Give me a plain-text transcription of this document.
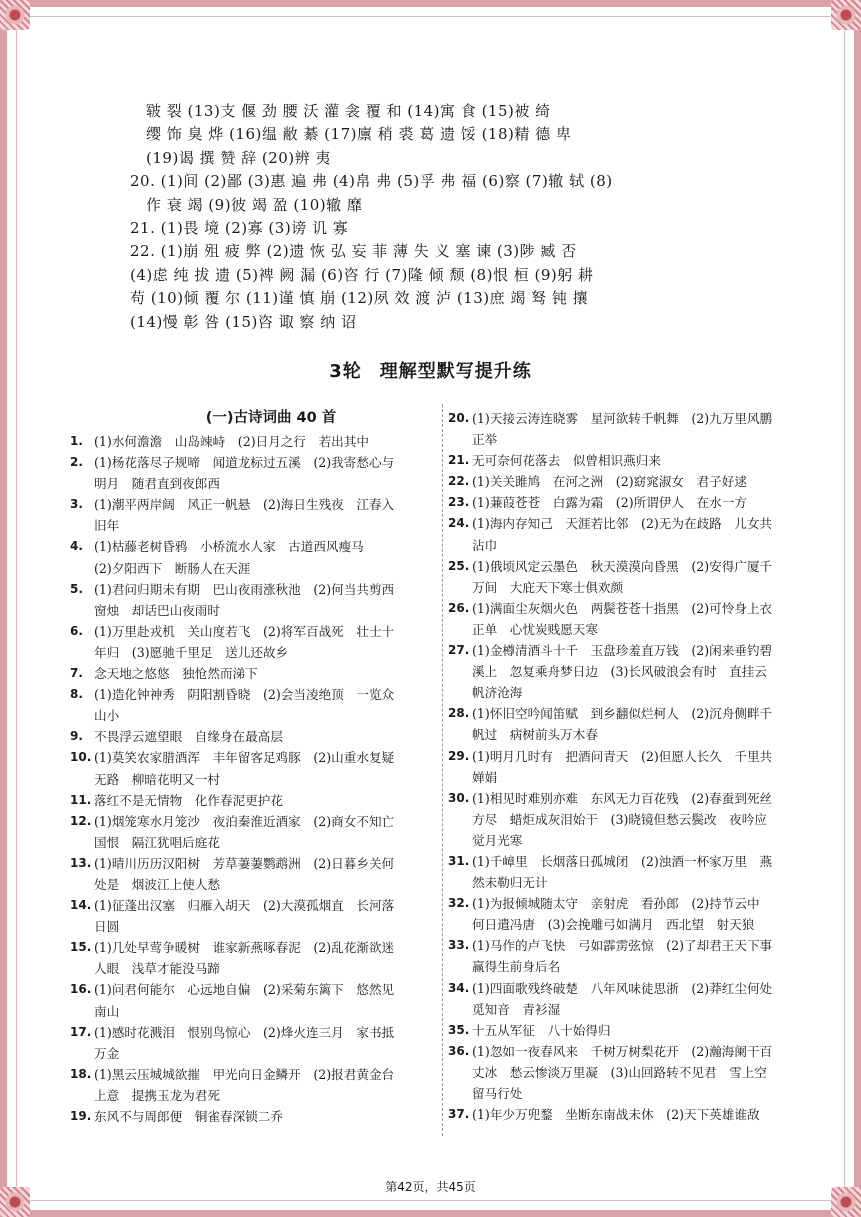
皲 裂 (13)支 偃 劲 腰 沃 灌 衾 覆 和 (14)寓 食 (15)被 绮
缨 饰 臭 烨 (16)缊 敝 綦 (17)廪 稍 裘 葛 遗 馁 (18)精 德 卑
(19)谒 撰 赞 辞 (20)辨 夷
20. (1)间 (2)鄙 (3)惠 遍 弗 (4)帛 弗 (5)孚 弗 福 (6)察 (7)辙 轼 (8)
作 衰 竭 (9)彼 竭 盈 (10)辙 靡
21. (1)畏 境 (2)寡 (3)谤 讥 寡
22. (1)崩 殂 疲 弊 (2)遗 恢 弘 妄 菲 薄 失 义 塞 谏 (3)陟 臧 否
(4)虑 纯 拔 遗 (5)裨 阙 漏 (6)咨 行 (7)隆 倾 颓 (8)恨 桓 (9)躬 耕
苟 (10)倾 覆 尔 (11)谨 慎 崩 (12)夙 效 渡 泸 (13)庶 竭 驽 钝 攘
(14)慢 彰 咎 (15)咨 诹 察 纳 诏
3轮 理解型默写提升练
(一)古诗词曲 40 首
1. (1)水何澹澹　山岛竦峙　(2)日月之行　若出其中
2. (1)杨花落尽子规啼　闻道龙标过五溪　(2)我寄愁心与
明月　随君直到夜郎西
3. (1)潮平两岸阔　风正一帆悬　(2)海日生残夜　江春入
旧年
4. (1)枯藤老树昏鸦　小桥流水人家　古道西风瘦马
(2)夕阳西下　断肠人在天涯
5. (1)君问归期未有期　巴山夜雨涨秋池　(2)何当共剪西
窗烛　却话巴山夜雨时
6. (1)万里赴戎机　关山度若飞　(2)将军百战死　壮士十
年归　(3)愿驰千里足　送儿还故乡
7. 念天地之悠悠　独怆然而涕下
8. (1)造化钟神秀　阴阳割昏晓　(2)会当凌绝顶　一览众
山小
9. 不畏浮云遮望眼　自缘身在最高层
10. (1)莫笑农家腊酒浑　丰年留客足鸡豚　(2)山重水复疑
无路　柳暗花明又一村
11. 落红不是无情物　化作春泥更护花
12. (1)烟笼寒水月笼沙　夜泊秦淮近酒家　(2)商女不知亡
国恨　隔江犹唱后庭花
13. (1)晴川历历汉阳树　芳草萋萋鹦鹉洲　(2)日暮乡关何
处是　烟波江上使人愁
14. (1)征蓬出汉塞　归雁入胡天　(2)大漠孤烟直　长河落
日圆
15. (1)几处早莺争暖树　谁家新燕啄春泥　(2)乱花渐欲迷
人眼　浅草才能没马蹄
16. (1)问君何能尔　心远地自偏　(2)采菊东篱下　悠然见
南山
17. (1)感时花溅泪　恨别鸟惊心　(2)烽火连三月　家书抵
万金
18. (1)黑云压城城欲摧　甲光向日金鳞开　(2)报君黄金台
上意　提携玉龙为君死
19. 东风不与周郎便　铜雀春深锁二乔
20. (1)天接云涛连晓雾　星河欲转千帆舞　(2)九万里风鹏
正举
21. 无可奈何花落去　似曾相识燕归来
22. (1)关关雎鸠　在河之洲　(2)窈窕淑女　君子好逑
23. (1)蒹葭苍苍　白露为霜　(2)所谓伊人　在水一方
24. (1)海内存知己　天涯若比邻　(2)无为在歧路　儿女共
沾巾
25. (1)俄顷风定云墨色　秋天漠漠向昏黑　(2)安得广厦千
万间　大庇天下寒士俱欢颜
26. (1)满面尘灰烟火色　两鬓苍苍十指黑　(2)可怜身上衣
正单　心忧炭贱愿天寒
27. (1)金樽清酒斗十千　玉盘珍羞直万钱　(2)闲来垂钓碧
溪上　忽复乘舟梦日边　(3)长风破浪会有时　直挂云
帆济沧海
28. (1)怀旧空吟闻笛赋　到乡翻似烂柯人　(2)沉舟侧畔千
帆过　病树前头万木春
29. (1)明月几时有　把酒问青天　(2)但愿人长久　千里共
婵娟
30. (1)相见时难别亦难　东风无力百花残　(2)春蚕到死丝
方尽　蜡炬成灰泪始干　(3)晓镜但愁云鬓改　夜吟应
觉月光寒
31. (1)千嶂里　长烟落日孤城闭　(2)浊酒一杯家万里　燕
然未勒归无计
32. (1)为报倾城随太守　亲射虎　看孙郎　(2)持节云中
何日遣冯唐　(3)会挽雕弓如满月　西北望　射天狼
33. (1)马作的卢飞快　弓如霹雳弦惊　(2)了却君王天下事
赢得生前身后名
34. (1)四面歌残终破楚　八年风味徒思浙　(2)莽红尘何处
觅知音　青衫湿
35. 十五从军征　八十始得归
36. (1)忽如一夜春风来　千树万树梨花开　(2)瀚海阑干百
丈冰　愁云惨淡万里凝　(3)山回路转不见君　雪上空
留马行处
37. (1)年少万兜鍪　坐断东南战未休　(2)天下英雄谁敌
第42页，共45页
